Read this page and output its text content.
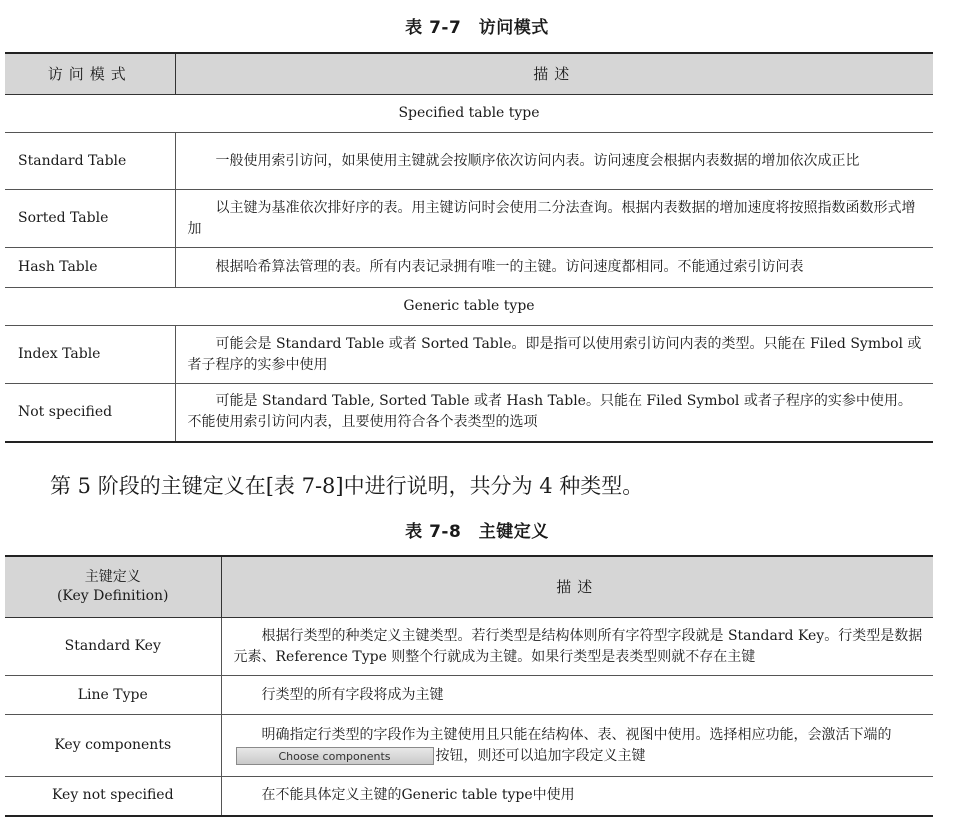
表 7-7　访问模式
访问模式	描述
Specified table type	
Standard Table	一般使用索引访问，如果使用主键就会按顺序依次访问内表。访问速度会根据内表数据的增加依次成正比
Sorted Table	以主键为基准依次排好序的表。用主键访问时会使用二分法查询。根据内表数据的增加速度将按照指数函数形式增加
Hash Table	根据哈希算法管理的表。所有内表记录拥有唯一的主键。访问速度都相同。不能通过索引访问表
Generic table type	
Index Table	可能会是 Standard Table 或者 Sorted Table。即是指可以使用索引访问内表的类型。只能在 Filed Symbol 或者子程序的实参中使用
Not specified	可能是 Standard Table, Sorted Table 或者 Hash Table。只能在 Filed Symbol 或者子程序的实参中使用。不能使用索引访问内表，且要使用符合各个表类型的选项
第 5 阶段的主键定义在[表 7-8]中进行说明，共分为 4 种类型。
表 7-8　主键定义
主键定义
(Key Definition)	描述
Standard Key	根据行类型的种类定义主键类型。若行类型是结构体则所有字符型字段就是 Standard Key。行类型是数据元素、Reference Type 则整个行就成为主键。如果行类型是表类型则就不存在主键
Line Type	行类型的所有字段将成为主键
Key components	明确指定行类型的字段作为主键使用且只能在结构体、表、视图中使用。选择相应功能，会激活下端的Choose components 按钮，则还可以追加字段定义主键
Key not specified	在不能具体定义主键的Generic table type中使用
